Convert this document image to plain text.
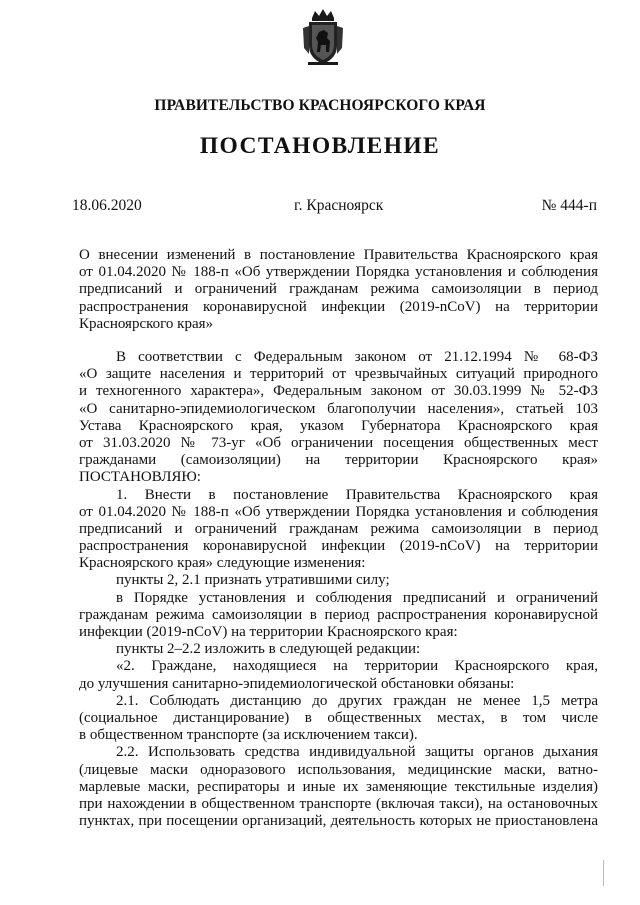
ПРАВИТЕЛЬСТВО КРАСНОЯРСКОГО КРАЯ
ПОСТАНОВЛЕНИЕ
18.06.2020	г. Красноярск	№ 444-п
О внесении изменений в постановление Правительства Красноярского края
от 01.04.2020 № 188-п «Об утверждении Порядка установления и соблюдения
предписаний и ограничений гражданам режима самоизоляции в период
распространения коронавирусной инфекции (2019-nCoV) на территории
Красноярского края»
В соответствии с Федеральным законом от 21.12.1994 № 68-ФЗ
«О защите населения и территорий от чрезвычайных ситуаций природного
и техногенного характера», Федеральным законом от 30.03.1999 № 52-ФЗ
«О санитарно-эпидемиологическом благополучии населения», статьей 103
Устава Красноярского края, указом Губернатора Красноярского края
от 31.03.2020 № 73-уг «Об ограничении посещения общественных мест
гражданами (самоизоляции) на территории Красноярского края»
ПОСТАНОВЛЯЮ:
1. Внести в постановление Правительства Красноярского края
от 01.04.2020 № 188-п «Об утверждении Порядка установления и соблюдения
предписаний и ограничений гражданам режима самоизоляции в период
распространения коронавирусной инфекции (2019-nCoV) на территории
Красноярского края» следующие изменения:
пункты 2, 2.1 признать утратившими силу;
в Порядке установления и соблюдения предписаний и ограничений
гражданам режима самоизоляции в период распространения коронавирусной
инфекции (2019-nCoV) на территории Красноярского края:
пункты 2–2.2 изложить в следующей редакции:
«2. Граждане, находящиеся на территории Красноярского края,
до улучшения санитарно-эпидемиологической обстановки обязаны:
2.1. Соблюдать дистанцию до других граждан не менее 1,5 метра
(социальное дистанцирование) в общественных местах, в том числе
в общественном транспорте (за исключением такси).
2.2. Использовать средства индивидуальной защиты органов дыхания
(лицевые маски одноразового использования, медицинские маски, ватно-
марлевые маски, респираторы и иные их заменяющие текстильные изделия)
при нахождении в общественном транспорте (включая такси), на остановочных
пунктах, при посещении организаций, деятельность которых не приостановлена
